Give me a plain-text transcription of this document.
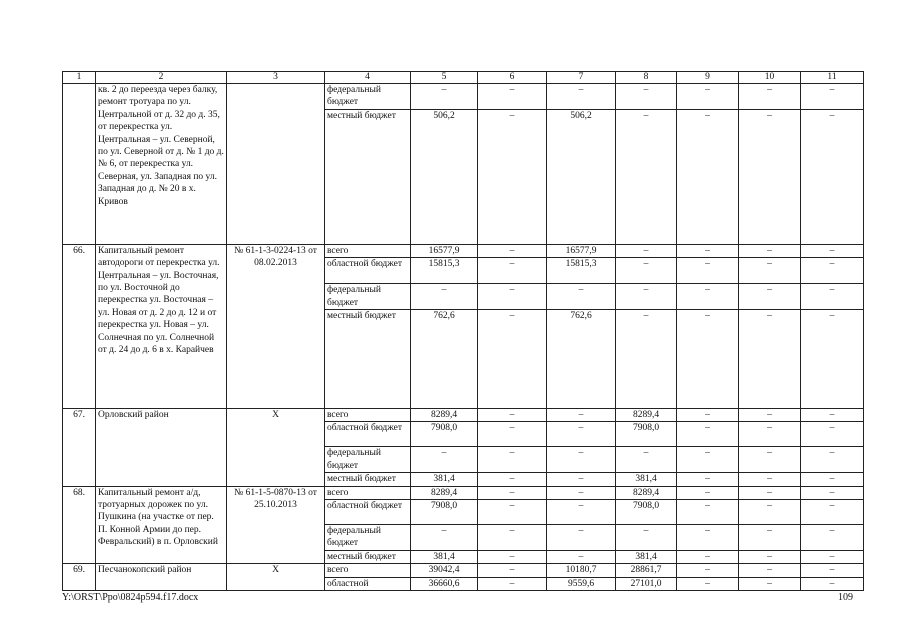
1	2	3	4	5	6	7	8	9	10	11
	кв. 2 до переезда через балку, ремонт тротуара по ул. Центральной от д. 32 до д. 35, от перекрестка ул. Центральная – ул. Северной, по ул. Северной от д. № 1 до д. № 6, от перекрестка ул. Северная, ул. Западная по ул. Западная до д. № 20 в х. Кривов		федеральный бюджет	–	–	–	–	–	–	–
			местный бюджет	506,2	–	506,2	–	–	–	–
66.	Капитальный ремонт автодороги от перекрестка ул. Центральная – ул. Восточная, по ул. Восточной до перекрестка ул. Восточная – ул. Новая от д. 2 до д. 12 и от перекрестка ул. Новая – ул. Солнечная по ул. Солнечной от д. 24 до д. 6 в х. Карайчев	№ 61-1-3-0224-13 от 08.02.2013	всего	16577,9	–	16577,9	–	–	–	–
			областной бюджет	15815,3	–	15815,3	–	–	–	–
			федеральный бюджет	–	–	–	–	–	–	–
			местный бюджет	762,6	–	762,6	–	–	–	–
67.	Орловский район	Х	всего	8289,4	–	–	8289,4	–	–	–
			областной бюджет	7908,0	–	–	7908,0	–	–	–
			федеральный бюджет	–	–	–	–	–	–	–
			местный бюджет	381,4	–	–	381,4	–	–	–
68.	Капитальный ремонт а/д, тротуарных дорожек по ул. Пушкина (на участке от пер. П. Конной Армии до пер. Февральский) в п. Орловский	№ 61-1-5-0870-13 от 25.10.2013	всего	8289,4	–	–	8289,4	–	–	–
			областной бюджет	7908,0	–	–	7908,0	–	–	–
			федеральный бюджет	–	–	–	–	–	–	–
			местный бюджет	381,4	–	–	381,4	–	–	–
69.	Песчанокопский район	Х	всего	39042,4	–	10180,7	28861,7	–	–	–
			областной	36660,6	–	9559,6	27101,0	–	–	–
Y:\ORST\Ppo\0824p594.f17.docx	109
